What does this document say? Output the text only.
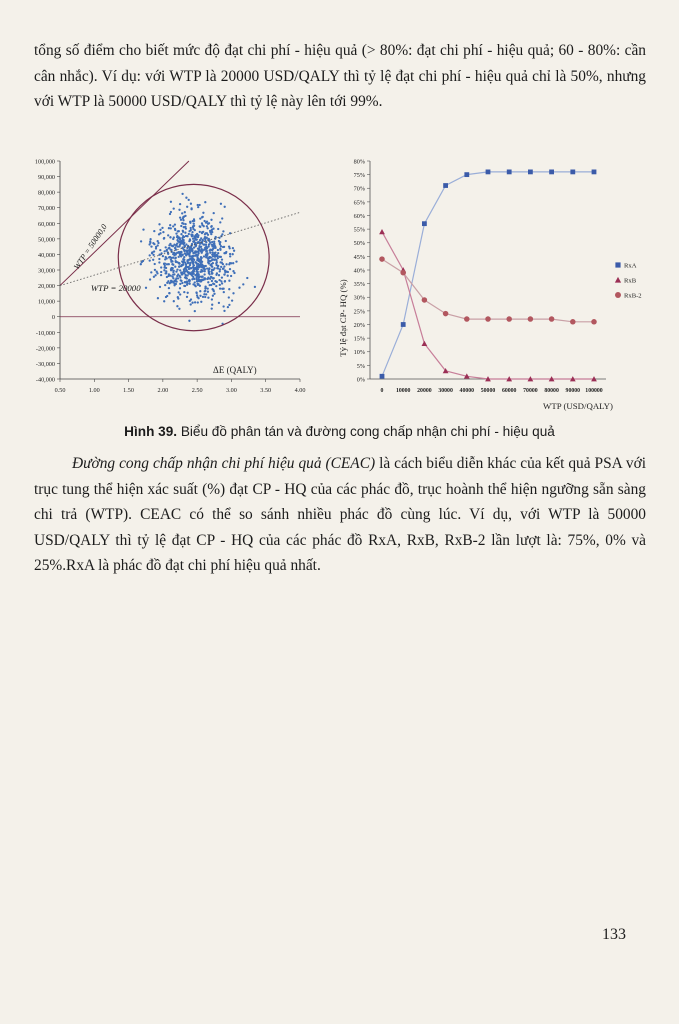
tổng số điểm cho biết mức độ đạt chi phí - hiệu quả (> 80%: đạt chi phí - hiệu quả; 60 - 80%: cần cân nhắc). Ví dụ: với WTP là 20000 USD/QALY thì tỷ lệ đạt chi phí - hiệu quả chỉ là 50%, nhưng với WTP là 50000 USD/QALY thì tỷ lệ này lên tới 99%.

100,000
90,000
80,000
70,000
60,000
50,000
40,000
30,000
20,000
10,000
0
-10,000
-20,000
-30,000
-40,000
0.50	1.00	1.50	2.00	2.50	3.00	3.50	4.00
ΔE (QALY)
WTP = 50000,0
WTP = 20000
0%
5%
10%
15%
20%
25%
30%
35%
40%
45%
50%
55%
60%
65%
70%
75%
80%
0 10000 20000 30000 40000 50000 60000 70000 80000 90000 100000
Tỷ lệ đạt CP- HQ (%)
WTP (USD/QALY)
RxA
RxB
RxB-2
Hình 39. Biểu đồ phân tán và đường cong chấp nhận chi phí - hiệu quả

Đường cong chấp nhận chi phí hiệu quả (CEAC) là cách biểu diễn khác của kết quả PSA với trục tung thể hiện xác suất (%) đạt CP - HQ của các phác đồ, trục hoành thể hiện ngưỡng sẵn sàng chi trả (WTP). CEAC có thể so sánh nhiều phác đồ cùng lúc. Ví dụ, với WTP là 50000 USD/QALY thì tỷ lệ đạt CP - HQ của các phác đồ RxA, RxB, RxB-2 lần lượt là: 75%, 0% và 25%.RxA là phác đồ đạt chi phí hiệu quả nhất.

133
